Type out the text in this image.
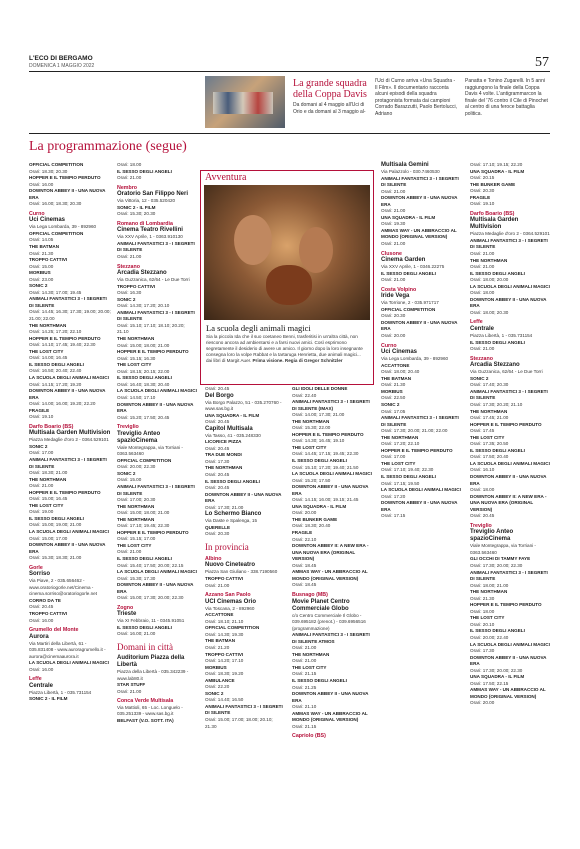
L'ECO DI BERGAMO
DOMENICA 1 MAGGIO 2022	57
La grande squadra della Coppa Davis
Da domani al 4 maggio all'Uci di Orio e da domani al 3 maggio al-
l'Uci di Curno arriva «Una Squadra - Il Film». Il documentario racconta alcuni episodi della squadra protagonista formata dai campioni Corrado Barazzutti, Paolo Bertolucci, Adriano
Panatta e Tonino Zugarelli. In 5 anni raggiungono la finale della Coppa Davis 4 volte. L'antigrammarcon la finale del '76 contro il Cile di Pinochet al centro di una feroce battaglia politica.
La programmazione (segue)
Avventura
La scuola degli animali magici
Sia la piccola Ida che il suo coetaneo Benni, trasferitisi in un'altra città, non riescono ancora ad ambientarsi e a farsi nuovi amici. Così esprimono segretamente il desiderio di avere un amico. Il giorno dopo la loro insegnante consegna loro la volpe Rabbat e la tartaruga Henrietta, due animali magici... dai libri di Margit Auer. Prima visione. Regia di Gregor Schnitzler
OFFICIAL COMPETITION
Orari: 18.30; 20.30
HOPPER E IL TEMPIO PERDUTO
Orari: 16.00
DOWNTON ABBEY II - UNA NUOVA ERA
Orari: 16.00; 18.30; 20.30
Curno
Uci Cinemas
Via Lega Lombarda, 39 - 892960
OFFICIAL COMPETITION
Orari: 14.05
THE BATMAN
Orari: 21.30
TROPPO CATTIVI
Orari: 15.00
MORBIUS
Orari: 23.00
SONIC 2
Orari: 14.30; 17.00; 19.45
ANIMALI FANTASTICI 3 - I SEGRETI DI SILENTE
Orari: 14.45; 16.30; 17.30; 19.00; 20.00; 21.00; 22.00
THE NORTHMAN
Orari: 14.25; 17.20; 22.10
HOPPER E IL TEMPIO PERDUTO
Orari: 14.10; 17.45; 19.40; 22.30
THE LOST CITY
Orari: 14.00; 16.45
IL SESSO DEGLI ANGELI
Orari: 16.50; 20.40; 22.40
LA SCUOLA DEGLI ANIMALI MAGICI
Orari: 14.15; 17.20; 19.20
DOWNTON ABBEY II - UNA NUOVA ERA
Orari: 14.00; 16.00; 19.20; 22.20
FRAGILE
Orari: 19.10
Darfo Boario (BS)
Multisala Garden Multivision
Piazza Medaglie d'oro 2 - 0364.529101
SONIC 2
Orari: 17.00
ANIMALI FANTASTICI 3 - I SEGRETI DI SILENTE
Orari: 18.30; 21.00
THE NORTHMAN
Orari: 21.00
HOPPER E IL TEMPIO PERDUTO
Orari: 15.00; 16.45
THE LOST CITY
Orari: 19.00
IL SESSO DEGLI ANGELI
Orari: 15.00; 19.00; 21.00
LA SCUOLA DEGLI ANIMALI MAGICI
Orari: 15.00; 17.00
DOWNTON ABBEY II - UNA NUOVA ERA
Orari: 15.30; 18.30; 21.00
Gorle
Sorriso
Via Piave, 2 - 035.656462 - www.oratoriogorle.net/Cinema - cinema.sorriso@oratoriogorle.net
CORRO DA TE
Orari: 20.45
TROPPO CATTIVI
Orari: 16.00
Grumello del Monte
Aurora
Via Martiri della Libertà, 61 - 035.831408 - www.auroragrumello.it - aurora@cinemaaurora.it
LA SCUOLA DEGLI ANIMALI MAGICI
Orari: 16.00
Leffe
Centrale
Piazza Libertà, 1 - 035.731154
SONIC 2 - IL FILM
Orari: 18.00
IL SESSO DEGLI ANGELI
Orari: 21.00
Nembro
Oratorio San Filippo Neri
Via Vittoria, 12 - 035.520420
SONIC 2 - IL FILM
Orari: 15.30; 20.30
Romano di Lombardia
Cinema Teatro Rivellini
Via XXV Aprile, 1 - 0363.910130
ANIMALI FANTASTICI 3 - I SEGRETI DI SILENTE
Orari: 21.00
Stezzano
Arcadia Stezzano
Via Guzzanica, 62/64 - Le Due Torri
TROPPO CATTIVI
Orari: 16.30
SONIC 2
Orari: 14.30; 17.20; 20.10
ANIMALI FANTASTICI 3 - I SEGRETI DI SILENTE
Orari: 15.10; 17.10; 18.10; 20.20; 21.10
THE NORTHMAN
Orari: 15.00; 18.00; 21.00
HOPPER E IL TEMPIO PERDUTO
Orari: 15.15; 16.30
THE LOST CITY
Orari: 18.15; 20.15; 22.00
IL SESSO DEGLI ANGELI
Orari: 16.40; 18.30; 20.40
LA SCUOLA DEGLI ANIMALI MAGICI
Orari: 14.50; 17.10
DOWNTON ABBEY II - UNA NUOVA ERA
Orari: 15.20; 17.50; 20.45
Treviglio
Treviglio Anteo spazioCinema
Viale Montegrappa, via Torriani - 0363.563460
OFFICIAL COMPETITION
Orari: 20.00; 22.30
SONIC 2
Orari: 15.00
ANIMALI FANTASTICI 3 - I SEGRETI DI SILENTE
Orari: 17.00; 20.30
THE NORTHMAN
Orari: 15.00; 18.00; 21.00
THE NORTHMAN
Orari: 17.10; 19.45; 22.30
HOPPER E IL TEMPIO PERDUTO
Orari: 15.15; 17.00
THE LOST CITY
Orari: 21.00
IL SESSO DEGLI ANGELI
Orari: 15.40; 17.50; 20.00; 22.15
LA SCUOLA DEGLI ANIMALI MAGICI
Orari: 15.30; 17.30
DOWNTON ABBEY II - UNA NUOVA ERA
Orari: 15.00; 17.30; 20.00; 22.30
Zogno
Trieste
Via XI Febbraio, 11 - 0345.91051
IL SESSO DEGLI ANGELI
Orari: 16.00; 21.00
Domani in città
Auditorium Piazza della Libertà
Piazza della Libertà - 035.342239 - www.lab80.it
STAR STUFF
Orari: 21.00
Conca Verde Multisala
Via Mattioli, 65 - Loc. Longuelo - 035.251339 - www.sas.bg.it
BELFAST (V.O. SOTT. ITA)
Orari: 20.45
Del Borgo
Via Borgo Palazzo, 51 - 035.270760 - www.sas.bg.it
UNA SQUADRA - IL FILM
Orari: 20.45
Capitol Multisala
Via Tasso, 41 - 035.248330
LICORICE PIZZA
Orari: 20.45
TRA DUE MONDI
Orari: 17.30
THE NORTHMAN
Orari: 20.45
IL SESSO DEGLI ANGELI
Orari: 20.45
DOWNTON ABBEY II - UNA NUOVA ERA
Orari: 17.30; 21.00
Lo Schermo Bianco
Via Daste e Spalenga, 15
QUERELLE
Orari: 20.30
In provincia
Albino
Nuovo Cineteatro
Piazza San Giuliano - 338.7190560
TROPPO CATTIVI
Orari: 21.00
Azzano San Paolo
UCI Cinemas Orio
Via Toscana, 2 - 892960
ACCATTONE
Orari: 18.10; 21.10
OFFICIAL COMPETITION
Orari: 14.30; 19.30
THE BATMAN
Orari: 21.20
TROPPO CATTIVI
Orari: 14.20; 17.10
MORBIUS
Orari: 18.30; 19.20
AMBULANCE
Orari: 22.20
SONIC 2
Orari: 14.40; 16.50
ANIMALI FANTASTICI 3 - I SEGRETI DI SILENTE
Orari: 15.00; 17.00; 18.00; 20.10; 21.30
GLI IDOLI DELLE DONNE
Orari: 22.40
ANIMALI FANTASTICI 3 - I SEGRETI DI SILENTE (IMAX)
Orari: 14.00; 17.30; 21.00
THE NORTHMAN
Orari: 15.30; 22.00
HOPPER E IL TEMPIO PERDUTO
Orari: 14.30; 16.45; 19.10
THE LOST CITY
Orari: 14.45; 17.15; 19.45; 22.30
IL SESSO DEGLI ANGELI
Orari: 15.10; 17.20; 19.40; 21.50
LA SCUOLA DEGLI ANIMALI MAGICI
Orari: 15.20; 17.50
DOWNTON ABBEY II - UNA NUOVA ERA
Orari: 14.15; 16.00; 19.15; 21.45
UNA SQUADRA - IL FILM
Orari: 20.00
THE BUNKER GAME
Orari: 18.30; 20.40
FRAGILE
Orari: 22.10
DOWNTON ABBEY II: A NEW ERA - UNA NUOVA ERA (ORIGINAL VERSION)
Orari: 18.45
AMMAS WAY - UN ABBRACCIO AL MONDO (ORIGINAL VERSION)
Orari: 18.45
Busnago (MB)
Movie Planet Centro Commerciale Globo
c/o Centro Commerciale Il Globo - 039.695182 (prenot.) - 039.6956516 (programmazione)
ANIMALI FANTASTICI 3 - I SEGRETI DI SILENTE ATMOS
Orari: 21.00
THE NORTHMAN
Orari: 21.00
THE LOST CITY
Orari: 21.15
IL SESSO DEGLI ANGELI
Orari: 21.25
DOWNTON ABBEY II - UNA NUOVA ERA
Orari: 21.10
AMMAS WAY - UN ABBRACCIO AL MONDO (ORIGINAL VERSION)
Orari: 21.15
Capriolo (BS)
Multisala Gemini
Via Palazzolo - 030.7460530
ANIMALI FANTASTICI 3 - I SEGRETI DI SILENTE
Orari: 21.00
DOWNTON ABBEY II - UNA NUOVA ERA
Orari: 21.00
UNA SQUADRA - IL FILM
Orari: 19.30
AMMAS WAY - UN ABBRACCIO AL MONDO (ORIGINAL VERSION)
Orari: 21.00
Clusone
Cinema Garden
Via XXV Aprile, 1 - 0346.22275
IL SESSO DEGLI ANGELI
Orari: 21.00
Costa Volpino
Iride Vega
Via Torrione, 2 - 035.971717
OFFICIAL COMPETITION
Orari: 20.30
DOWNTON ABBEY II - UNA NUOVA ERA
Orari: 20.00
Curno
Uci Cinemas
Via Lega Lombarda, 39 - 892960
ACCATTONE
Orari: 18.00; 20.40
THE BATMAN
Orari: 21.30
MORBIUS
Orari: 22.50
SONIC 2
Orari: 17.05
ANIMALI FANTASTICI 3 - I SEGRETI DI SILENTE
Orari: 17.30; 20.00; 21.00; 22.00
THE NORTHMAN
Orari: 17.20; 22.10
HOPPER E IL TEMPIO PERDUTO
Orari: 17.00
THE LOST CITY
Orari: 17.10; 19.40; 22.30
IL SESSO DEGLI ANGELI
Orari: 17.15; 19.50
LA SCUOLA DEGLI ANIMALI MAGICI
Orari: 17.20
DOWNTON ABBEY II - UNA NUOVA ERA
Orari: 17.15
Orari: 17.10; 19.15; 22.20
UNA SQUADRA - IL FILM
Orari: 20.15
THE BUNKER GAME
Orari: 20.30
FRAGILE
Orari: 19.10
Darfo Boario (BS)
Multisala Garden Multivision
Piazza Medaglie d'oro 2 - 0364.529101
ANIMALI FANTASTICI 3 - I SEGRETI DI SILENTE
Orari: 21.00
THE NORTHMAN
Orari: 21.00
IL SESSO DEGLI ANGELI
Orari: 18.00; 20.00
LA SCUOLA DEGLI ANIMALI MAGICI
Orari: 18.00
DOWNTON ABBEY II - UNA NUOVA ERA
Orari: 18.00; 20.30
Leffe
Centrale
Piazza Libertà, 1 - 035.731154
IL SESSO DEGLI ANGELI
Orari: 21.00
Stezzano
Arcadia Stezzano
Via Guzzanica, 62/64 - Le Due Torri
SONIC 2
Orari: 17.40; 20.30
ANIMALI FANTASTICI 3 - I SEGRETI DI SILENTE
Orari: 17.30; 20.20; 21.10
THE NORTHMAN
Orari: 17.45; 21.00
HOPPER E IL TEMPIO PERDUTO
Orari: 17.45
THE LOST CITY
Orari: 17.35; 20.50
IL SESSO DEGLI ANGELI
Orari: 17.50; 20.40
LA SCUOLA DEGLI ANIMALI MAGICI
Orari: 16.10
DOWNTON ABBEY II - UNA NUOVA ERA
Orari: 18.00
DOWNTON ABBEY II: A NEW ERA - UNA NUOVA ERA (ORIGINAL VERSION)
Orari: 20.45
Treviglio
Treviglio Anteo spazioCinema
Viale Montegrappa, via Torriani - 0363.563460
GLI OCCHI DI TAMMY FAYE
Orari: 17.30; 20.00; 22.30
ANIMALI FANTASTICI 3 - I SEGRETI DI SILENTE
Orari: 18.00; 21.00
THE NORTHMAN
Orari: 21.30
HOPPER E IL TEMPIO PERDUTO
Orari: 18.00
THE LOST CITY
Orari: 20.10
IL SESSO DEGLI ANGELI
Orari: 20.00; 22.40
LA SCUOLA DEGLI ANIMALI MAGICI
Orari: 17.30
DOWNTON ABBEY II - UNA NUOVA ERA
Orari: 17.30; 20.00; 22.30
UNA SQUADRA - IL FILM
Orari: 17.50; 22.15
AMMAS WAY - UN ABBRACCIO AL MONDO (ORIGINAL VERSION)
Orari: 20.00
